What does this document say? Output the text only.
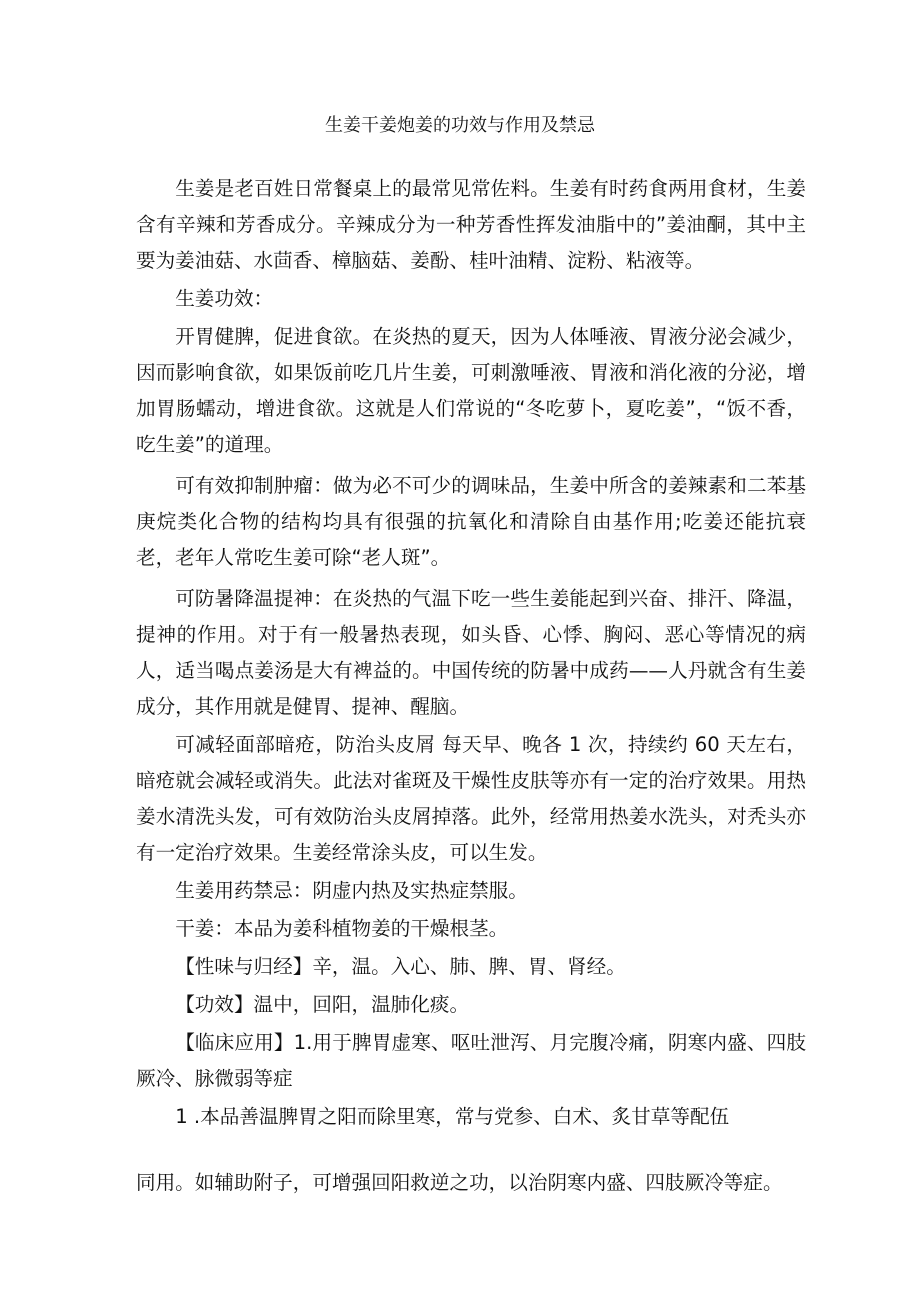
生姜干姜炮姜的功效与作用及禁忌

生姜是老百姓日常餐桌上的最常见常佐料。生姜有时药食两用食材，生姜含有辛辣和芳香成分。辛辣成分为一种芳香性挥发油脂中的”姜油酮，其中主要为姜油菇、水茴香、樟脑菇、姜酚、桂叶油精、淀粉、粘液等。

生姜功效：

开胃健脾，促进食欲。在炎热的夏天，因为人体唾液、胃液分泌会减少，因而影响食欲，如果饭前吃几片生姜，可刺激唾液、胃液和消化液的分泌，增加胃肠蠕动，增进食欲。这就是人们常说的“冬吃萝卜，夏吃姜”，“饭不香，吃生姜”的道理。

可有效抑制肿瘤：做为必不可少的调味品，生姜中所含的姜辣素和二苯基庚烷类化合物的结构均具有很强的抗氧化和清除自由基作用;吃姜还能抗衰老，老年人常吃生姜可除“老人斑”。

可防暑降温提神：在炎热的气温下吃一些生姜能起到兴奋、排汗、降温，提神的作用。对于有一般暑热表现，如头昏、心悸、胸闷、恶心等情况的病人，适当喝点姜汤是大有裨益的。中国传统的防暑中成药——人丹就含有生姜成分，其作用就是健胃、提神、醒脑。

可减轻面部暗疮，防治头皮屑 每天早、晚各 1 次，持续约 60 天左右，暗疮就会减轻或消失。此法对雀斑及干燥性皮肤等亦有一定的治疗效果。用热姜水清洗头发，可有效防治头皮屑掉落。此外，经常用热姜水洗头，对秃头亦有一定治疗效果。生姜经常涂头皮，可以生发。

生姜用药禁忌：阴虚内热及实热症禁服。

干姜：本品为姜科植物姜的干燥根茎。

【性味与归经】辛，温。入心、肺、脾、胃、肾经。

【功效】温中，回阳，温肺化痰。

【临床应用】1.用于脾胃虚寒、呕吐泄泻、月完腹冷痛，阴寒内盛、四肢厥冷、脉微弱等症

1 .本品善温脾胃之阳而除里寒，常与党参、白术、炙甘草等配伍

同用。如辅助附子，可增强回阳救逆之功，以治阴寒内盛、四肢厥冷等症。
